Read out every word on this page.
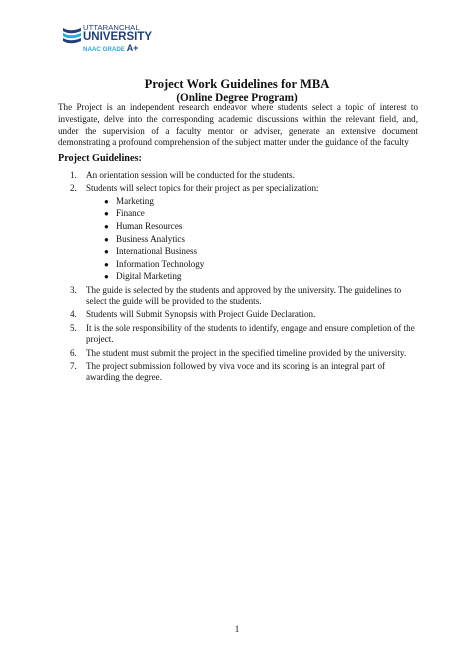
UTTARANCHAL
UNIVERSITY
NAAC GRADE A+
Project Work Guidelines for MBA
(Online Degree Program)
The Project is an independent research endeavor where students select a topic of interest to investigate, delve into the corresponding academic discussions within the relevant field, and, under the supervision of a faculty mentor or adviser, generate an extensive document demonstrating a profound comprehension of the subject matter under the guidance of the faculty
Project Guidelines:
1. An orientation session will be conducted for the students.
2. Students will select topics for their project as per specialization:
● Marketing
● Finance
● Human Resources
● Business Analytics
● International Business
● Information Technology
● Digital Marketing
3. The guide is selected by the students and approved by the university. The guidelines to select the guide will be provided to the students.
4. Students will Submit Synopsis with Project Guide Declaration.
5. It is the sole responsibility of the students to identify, engage and ensure completion of the project.
6. The student must submit the project in the specified timeline provided by the university.
7. The project submission followed by viva voce and its scoring is an integral part of awarding the degree.
1
